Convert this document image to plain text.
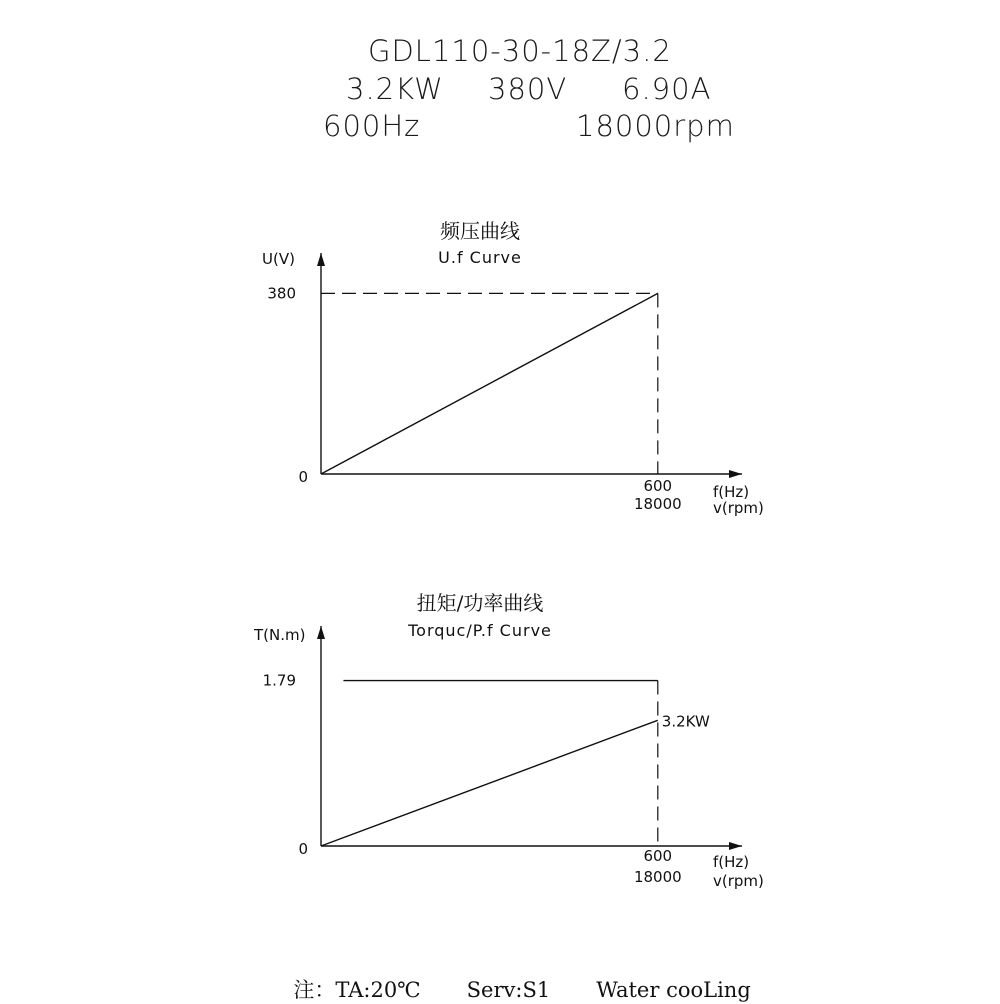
GDL110-30-18Z/3.2
3.2KW 380V 6.90A
600Hz	18000rpm
频压曲线
U.f Curve
U(V)
f(Hz)
v(rpm)
0
380
600
18000
扭矩/功率曲线
Torquc/P.f Curve
T(N.m)
f(Hz)
v(rpm)
0
1.79
600
18000
3.2KW

注：TA:20℃ Serv:S1 Water cooLing
